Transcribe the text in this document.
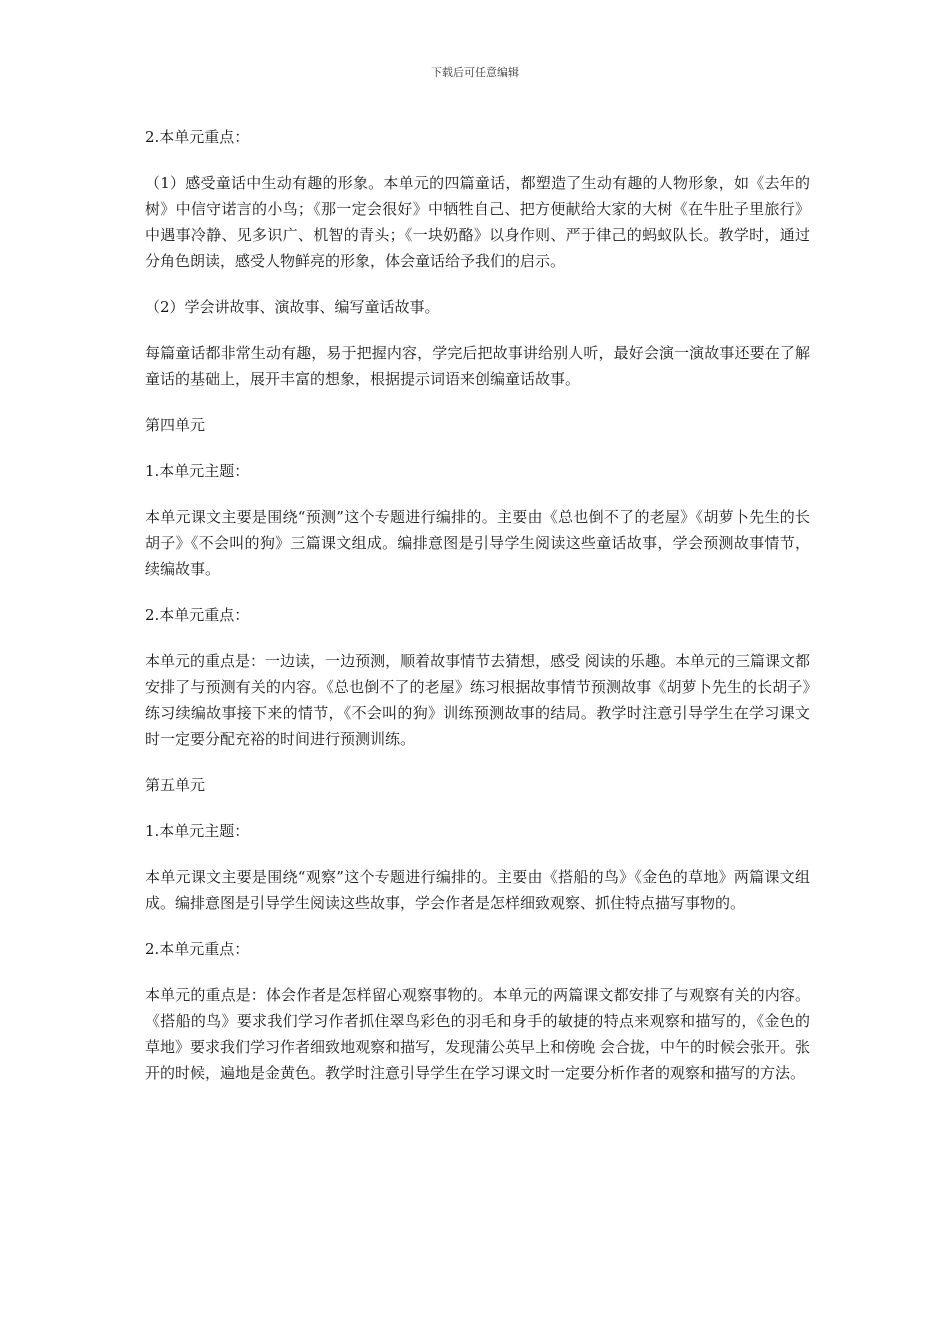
下载后可任意编辑

2.本单元重点：

（1）感受童话中生动有趣的形象。本单元的四篇童话，都塑造了生动有趣的人物形象，如《去年的树》中信守诺言的小鸟；《那一定会很好》中牺牲自己、把方便献给大家的大树《在牛肚子里旅行》中遇事冷静、见多识广、机智的青头；《一块奶酪》以身作则、严于律己的蚂蚁队长。教学时，通过分角色朗读，感受人物鲜亮的形象，体会童话给予我们的启示。

（2）学会讲故事、演故事、编写童话故事。

每篇童话都非常生动有趣，易于把握内容，学完后把故事讲给别人听，最好会演一演故事还要在了解童话的基础上，展开丰富的想象，根据提示词语来创编童话故事。

第四单元

1.本单元主题：

本单元课文主要是围绕“预测”这个专题进行编排的。主要由《总也倒不了的老屋》《胡萝卜先生的长胡子》《不会叫的狗》三篇课文组成。编排意图是引导学生阅读这些童话故事，学会预测故事情节，续编故事。

2.本单元重点：

本单元的重点是：一边读，一边预测，顺着故事情节去猜想，感受 阅读的乐趣。本单元的三篇课文都安排了与预测有关的内容。《总也倒不了的老屋》练习根据故事情节预测故事《胡萝卜先生的长胡子》练习续编故事接下来的情节，《不会叫的狗》训练预测故事的结局。教学时注意引导学生在学习课文时一定要分配充裕的时间进行预测训练。

第五单元

1.本单元主题：

本单元课文主要是围绕“观察”这个专题进行编排的。主要由《搭船的鸟》《金色的草地》两篇课文组成。编排意图是引导学生阅读这些故事，学会作者是怎样细致观察、抓住特点描写事物的。

2.本单元重点：

本单元的重点是：体会作者是怎样留心观察事物的。本单元的两篇课文都安排了与观察有关的内容。《搭船的鸟》要求我们学习作者抓住翠鸟彩色的羽毛和身手的敏捷的特点来观察和描写的，《金色的草地》要求我们学习作者细致地观察和描写，发现蒲公英早上和傍晚 会合拢，中午的时候会张开。张开的时候，遍地是金黄色。教学时注意引导学生在学习课文时一定要分析作者的观察和描写的方法。
